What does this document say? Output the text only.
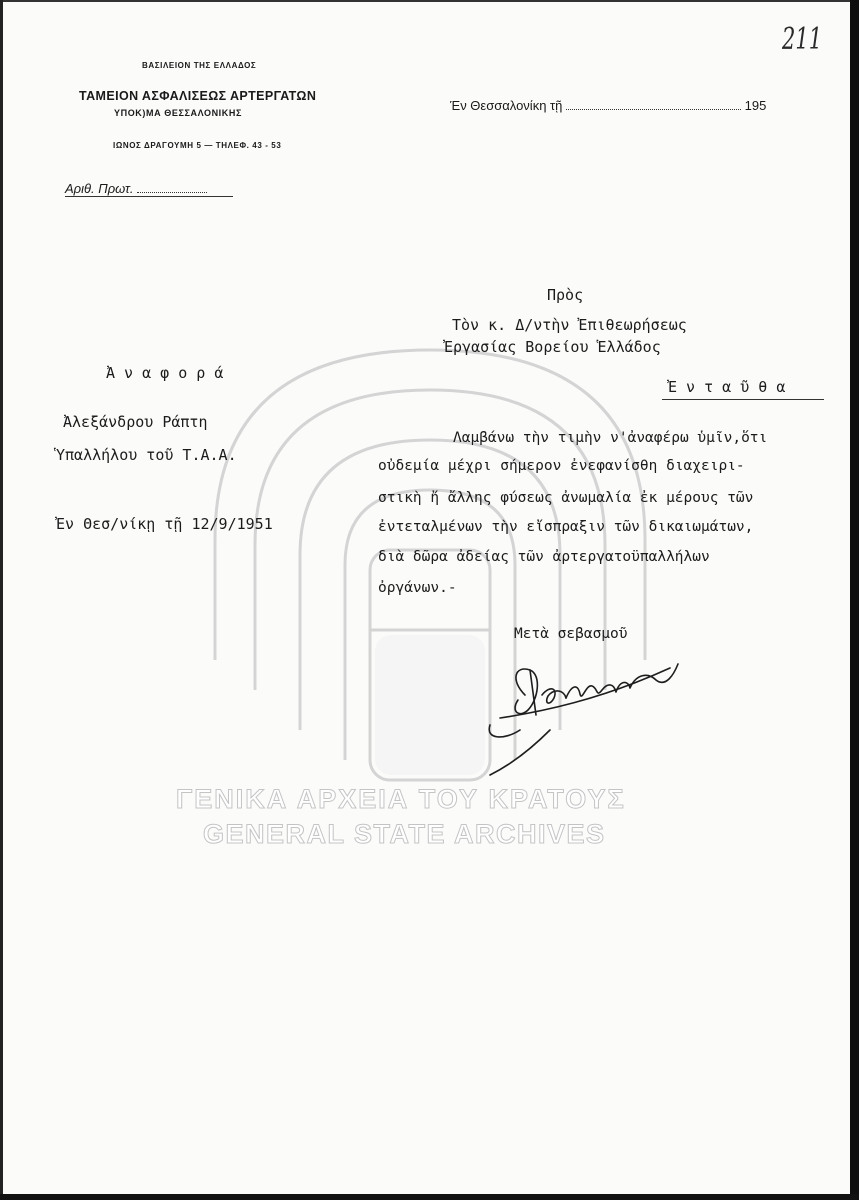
ΓΕΝΙΚΑ ΑΡΧΕΙΑ ΤΟΥ ΚΡΑΤΟΥΣ
GENERAL STATE ARCHIVES
211
ΒΑΣΙΛΕΙΟΝ ΤΗΣ ΕΛΛΑΔΟΣ
ΤΑΜΕΙΟΝ ΑΣΦΑΛΙΣΕΩΣ ΑΡΤΕΡΓΑΤΩΝ
ΥΠΟΚ)ΜΑ ΘΕΣΣΑΛΟΝΙΚΗΣ
ΙΩΝΟΣ ΔΡΑΓΟΥΜΗ 5 — ΤΗΛΕΦ. 43 - 53
Αριθ. Πρωτ.
Έν Θεσσαλονίκη τῇ	195
Πρὸς
Τὸν κ. Δ/ντὴν Ἐπιθεωρήσεως
Ἐργασίας Βορείου Ἑλλάδος
Ἐ ν τ α ῦ θ α
Ἀ ν α φ ο ρ ά
Ἀλεξάνδρου Ράπτη
Ὑπαλλήλου τοῦ Τ.Α.Α.
Ἐν Θεσ/νίκῃ τῇ 12/9/1951
Λαμβάνω τὴν τιμὴν ν'ἀναφέρω ὑμῖν,ὅτι
οὐδεμία μέχρι σήμερον ἐνεφανίσθη διαχειρι-
στικὴ ἤ ἄλλης φύσεως ἀνωμαλία ἐκ μέρους τῶν
ἐντεταλμένων τὴν εἴσπραξιν τῶν δικαιωμάτων,
διὰ δῶρα ἀδείας τῶν ἀρτεργατοϋπαλλήλων
ὀργάνων.-
Μετὰ σεβασμοῦ
